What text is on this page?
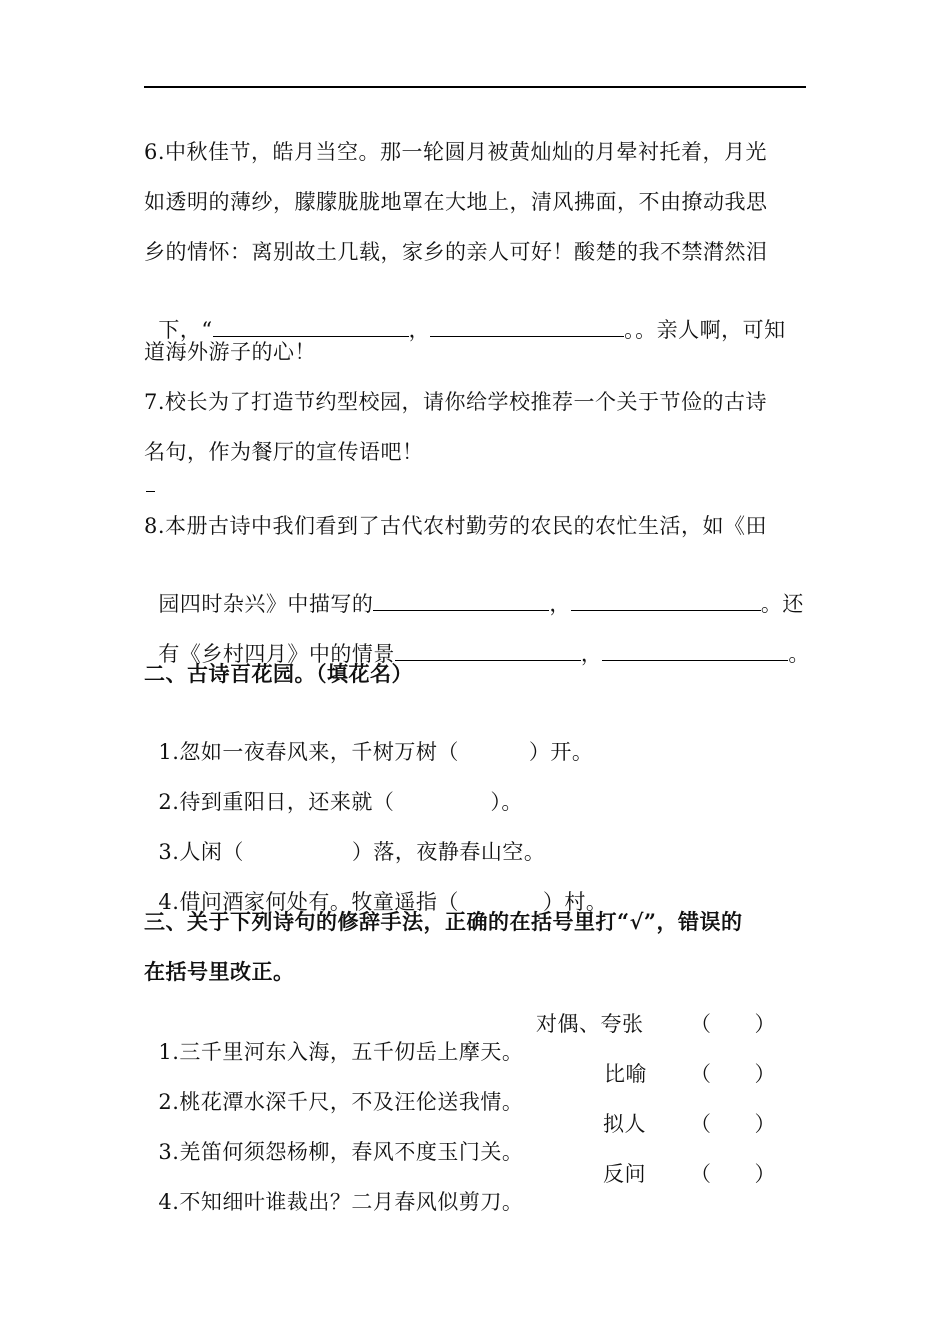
6.中秋佳节，皓月当空。那一轮圆月被黄灿灿的月晕衬托着，月光
如透明的薄纱，朦朦胧胧地罩在大地上，清风拂面，不由撩动我思
乡的情怀：离别故土几载，家乡的亲人可好！酸楚的我不禁潸然泪

下，“	，	。。亲人啊，可知

道海外游子的心！
7.校长为了打造节约型校园，请你给学校推荐一个关于节俭的古诗
名句，作为餐厅的宣传语吧！
8.本册古诗中我们看到了古代农村勤劳的农民的农忙生活，如《田

园四时杂兴》中描写的	，	。还

有《乡村四月》中的情景	，	。

二、古诗百花园。（填花名）

1.忽如一夜春风来，千树万树（	）开。

2.待到重阳日，还来就（	）。

3.人闲（	）落，夜静春山空。

4.借问酒家何处有。牧童遥指（	）村。

三、关于下列诗句的修辞手法，正确的在括号里打“√”，错误的
在括号里改正。

1.三千里河东入海，五千仞岳上摩天。

对偶、夸张	（      ）

2.桃花潭水深千尺，不及汪伦送我情。

比喻	（      ）

3.羌笛何须怨杨柳，春风不度玉门关。

拟人	（      ）

4.不知细叶谁裁出？二月春风似剪刀。

反问	（      ）
